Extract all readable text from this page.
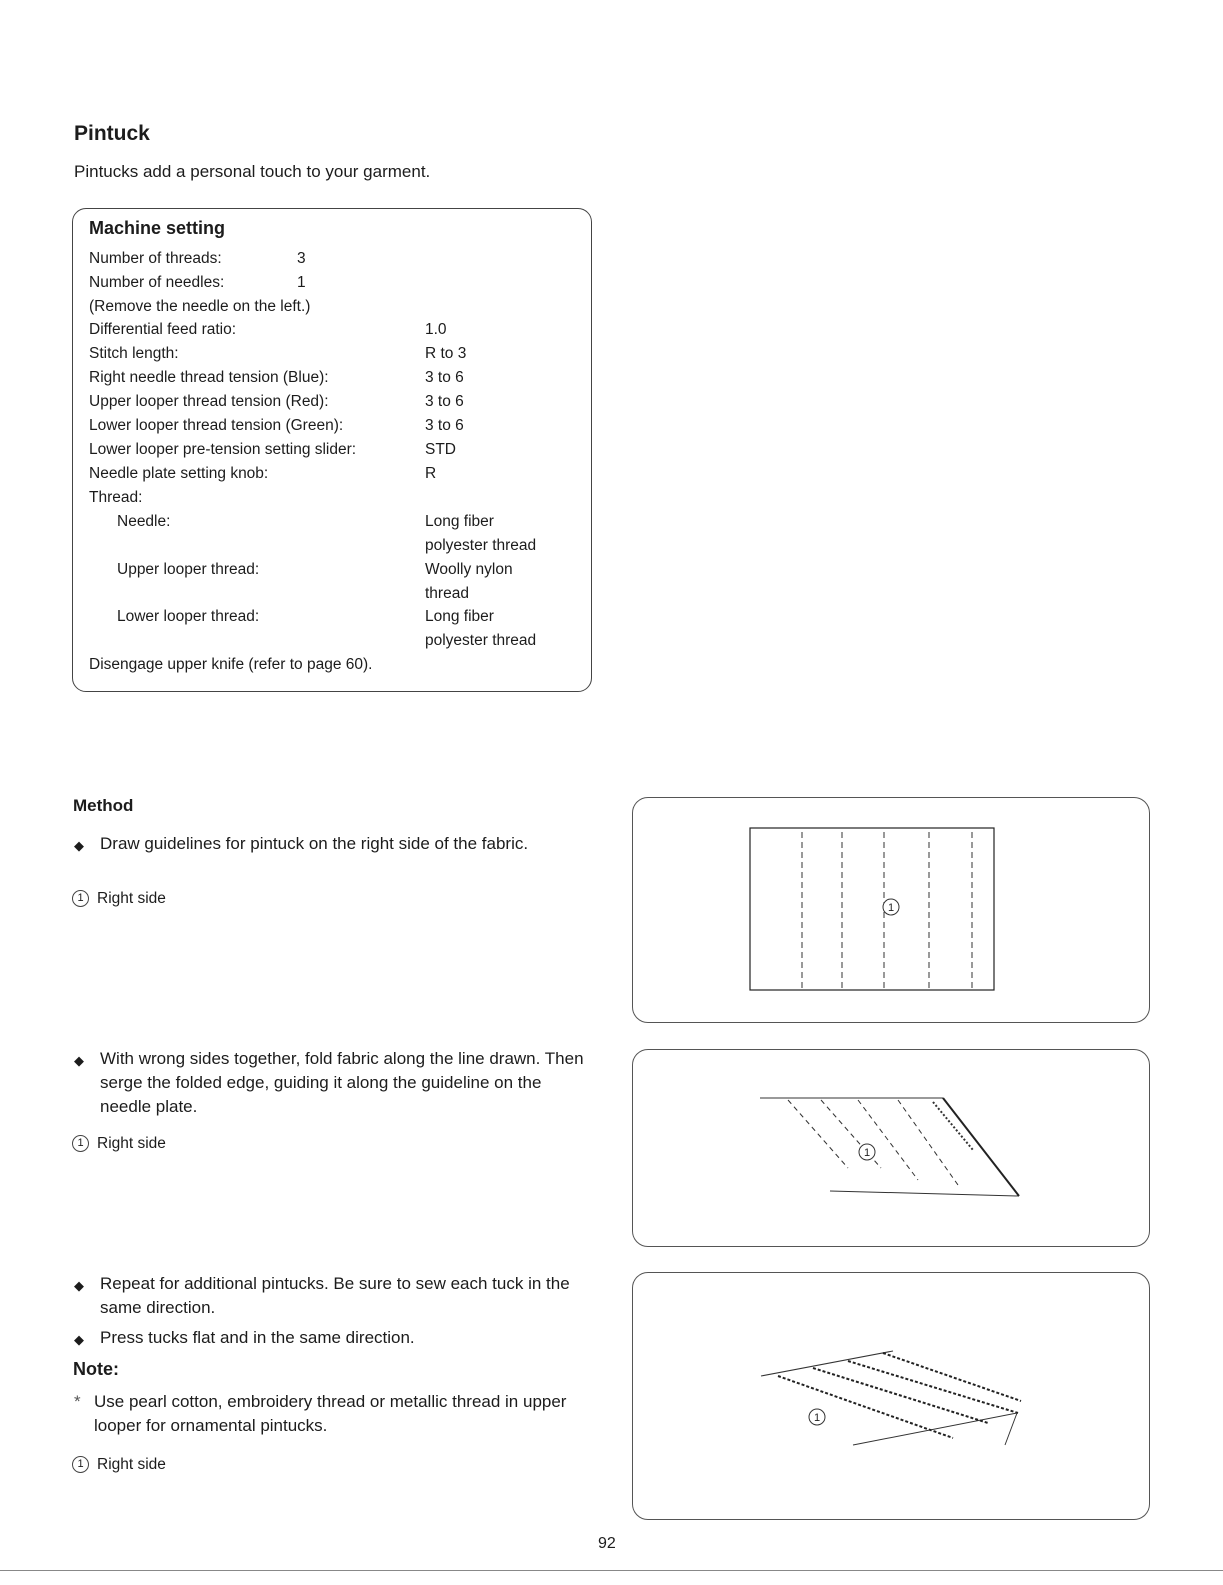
Pintuck
Pintucks add a personal touch to your garment.
Machine setting
Number of threads:	3
Number of needles:	1
(Remove the needle on the left.)
Differential feed ratio:	1.0
Stitch length:	R to 3
Right needle thread tension (Blue):	3 to 6
Upper looper thread tension (Red):	3 to 6
Lower looper thread tension (Green):	3 to 6
Lower looper pre-tension setting slider:	STD
Needle plate setting knob:	R
Thread:
Needle:	Long fiber
polyester thread
Upper looper thread:	Woolly nylon
thread
Lower looper thread:	Long fiber
polyester thread
Disengage upper knife (refer to page 60).
Method
◆ Draw guidelines for pintuck on the right side of the fabric.
1 Right side
◆ With wrong sides together, fold fabric along the line drawn. Then serge the folded edge, guiding it along the guideline on the needle plate.
1 Right side
◆ Repeat for additional pintucks. Be sure to sew each tuck in the same direction.
◆ Press tucks flat and in the same direction.
Note:
* Use pearl cotton, embroidery thread or metallic thread in upper looper for ornamental pintucks.
1 Right side
1
1
1
92
